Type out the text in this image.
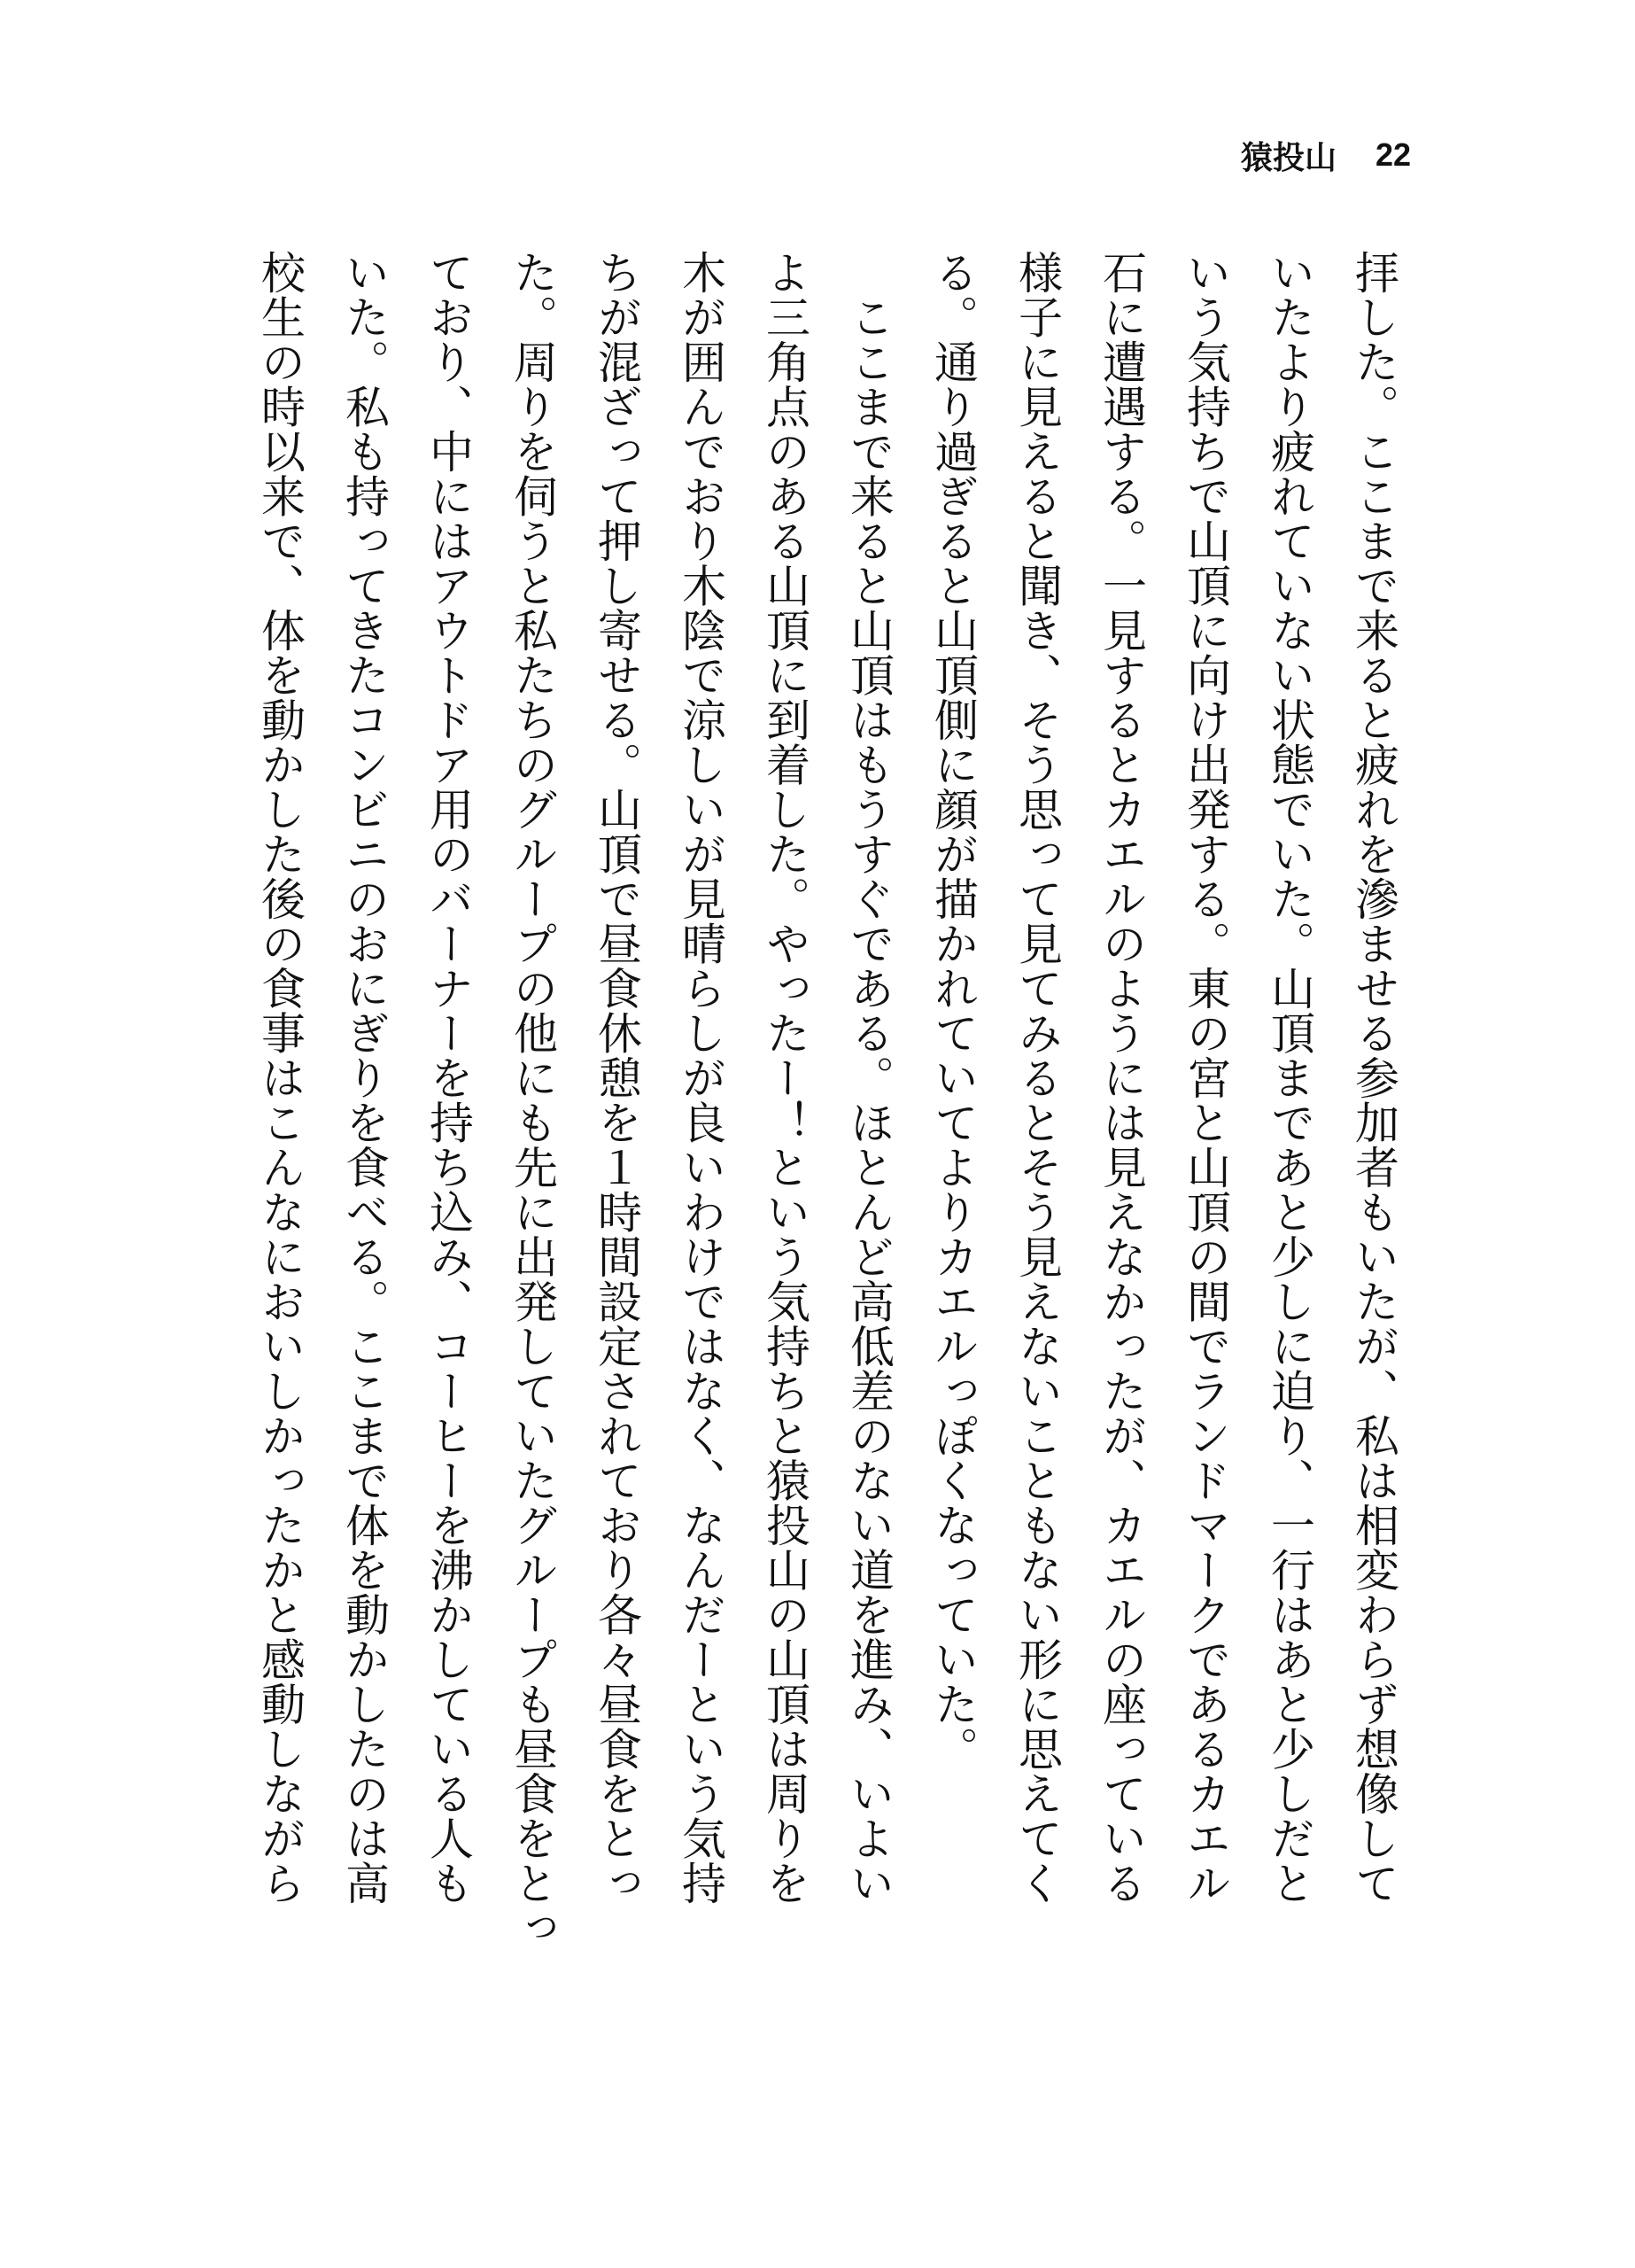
猿投山 22
拝した。ここまで来ると疲れを滲ませる参加者もいたが、私は相変わらず想像して
いたより疲れていない状態でいた。山頂まであと少しに迫り、一行はあと少しだと
いう気持ちで山頂に向け出発する。東の宮と山頂の間でランドマークであるカエル
石に遭遇する。一見するとカエルのようには見えなかったが、カエルの座っている
様子に見えると聞き、そう思って見てみるとそう見えないこともない形に思えてく
る。通り過ぎると山頂側に顔が描かれていてよりカエルっぽくなっていた。
　ここまで来ると山頂はもうすぐである。ほとんど高低差のない道を進み、いよい
よ三角点のある山頂に到着した。やったー！という気持ちと猿投山の山頂は周りを
木が囲んでおり木陰で涼しいが見晴らしが良いわけではなく、なんだーという気持
ちが混ざって押し寄せる。山頂で昼食休憩を１時間設定されており各々昼食をとっ
た。周りを伺うと私たちのグループの他にも先に出発していたグループも昼食をとっ
ており、中にはアウトドア用のバーナーを持ち込み、コーヒーを沸かしている人も
いた。私も持ってきたコンビニのおにぎりを食べる。ここまで体を動かしたのは高
校生の時以来で、体を動かした後の食事はこんなにおいしかったかと感動しながら
